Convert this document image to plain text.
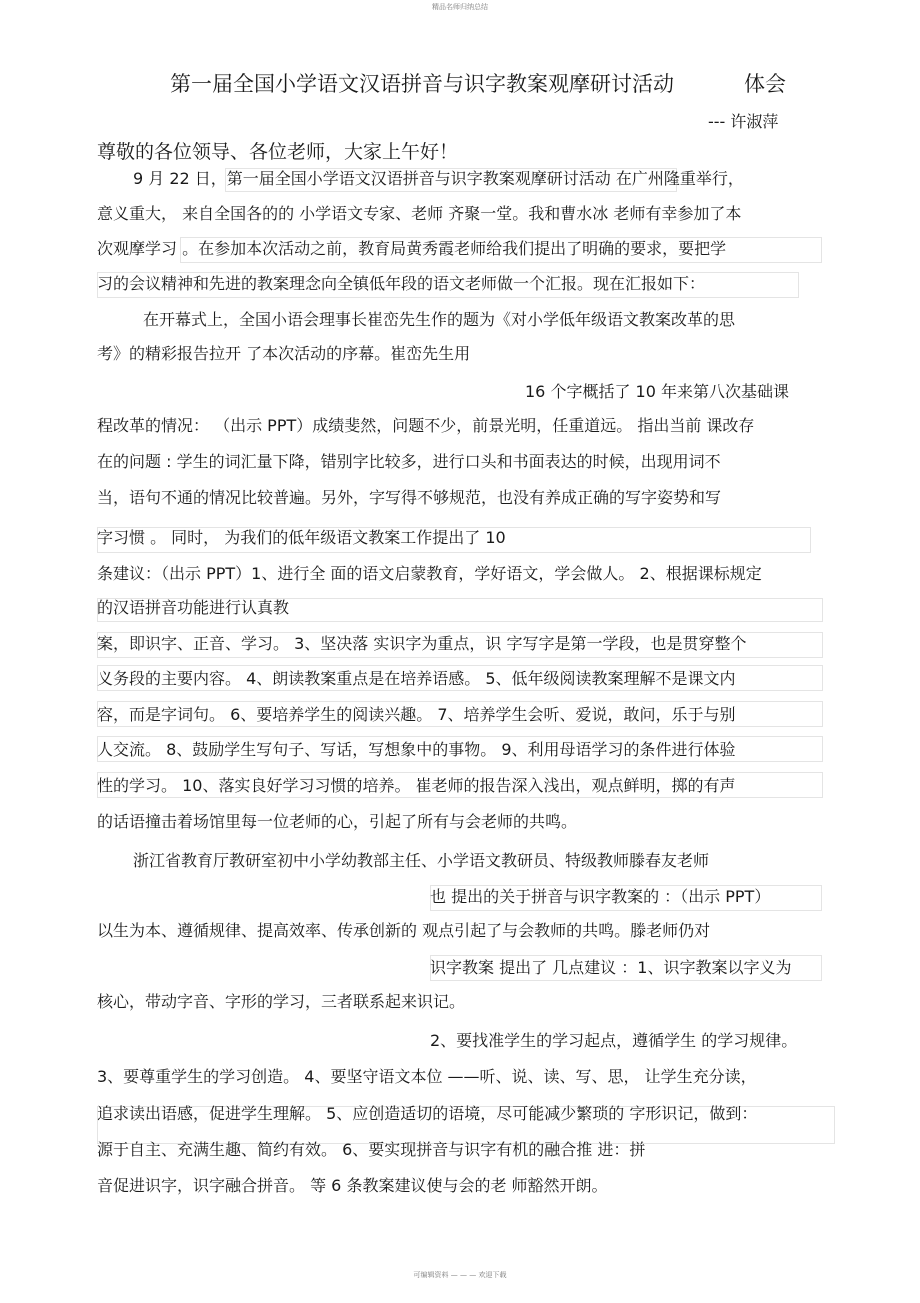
精品名师归纳总结
第一届全国小学语文汉语拼音与识字教案观摩研讨活动	体会
--- 许淑萍
尊敬的各位领导、各位老师，大家上午好！
9 月 22 日，第一届全国小学语文汉语拼音与识字教案观摩研讨活动 在广州隆重举行，
意义重大， 来自全国各的的 小学语文专家、老师 齐聚一堂。我和曹水冰 老师有幸参加了本
次观摩学习 。在参加本次活动之前，教育局黄秀霞老师给我们提出了明确的要求，要把学
习的会议精神和先进的教案理念向全镇低年段的语文老师做一个汇报。现在汇报如下：
在开幕式上，全国小语会理事长崔峦先生作的题为《对小学低年级语文教案改革的思
考》的精彩报告拉开 了本次活动的序幕。崔峦先生用
16 个字概括了 10 年来第八次基础课
程改革的情况： （出示 PPT）成绩斐然，问题不少，前景光明，任重道远。 指出当前 课改存
在的问题 : 学生的词汇量下降，错别字比较多，进行口头和书面表达的时候，出现用词不
当，语句不通的情况比较普遍。另外，字写得不够规范，也没有养成正确的写字姿势和写
字习惯 。 同时， 为我们的低年级语文教案工作提出了 10
条建议：（出示 PPT）1、进行全 面的语文启蒙教育，学好语文，学会做人。 2、根据课标规定
的汉语拼音功能进行认真教
案，即识字、正音、学习。 3、坚决落 实识字为重点，识 字写字是第一学段，也是贯穿整个
义务段的主要内容。 4、朗读教案重点是在培养语感。 5、低年级阅读教案理解不是课文内
容，而是字词句。 6、要培养学生的阅读兴趣。 7、培养学生会听、爱说，敢问，乐于与别
人交流。 8、鼓励学生写句子、写话，写想象中的事物。 9、利用母语学习的条件进行体验
性的学习。 10、落实良好学习习惯的培养。 崔老师的报告深入浅出，观点鲜明，掷的有声
的话语撞击着场馆里每一位老师的心，引起了所有与会老师的共鸣。
浙江省教育厅教研室初中小学幼教部主任、小学语文教研员、特级教师滕春友老师
也 提出的关于拼音与识字教案的 ：（出示 PPT）
以生为本、遵循规律、提高效率、传承创新的 观点引起了与会教师的共鸣。滕老师仍对
识字教案 提出了 几点建议 ：1、识字教案以字义为
核心，带动字音、字形的学习，三者联系起来识记。
2、要找准学生的学习起点，遵循学生 的学习规律。
3、要尊重学生的学习创造。 4、要坚守语文本位 ——听、说、读、写、思， 让学生充分读，
追求读出语感，促进学生理解。 5、应创造适切的语境，尽可能减少繁琐的 字形识记，做到：
源于自主、充满生趣、简约有效。 6、要实现拼音与识字有机的融合推 进：拼
音促进识字，识字融合拼音。 等 6 条教案建议使与会的老 师豁然开朗。
可编辑资料 — — — 欢迎下载
